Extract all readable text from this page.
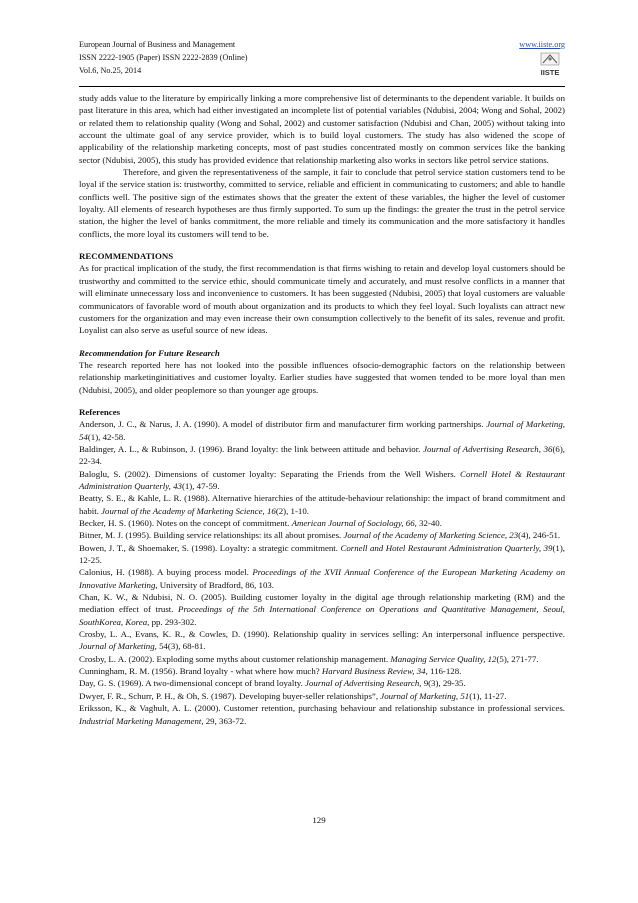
European Journal of Business and Management
ISSN 2222-1905 (Paper) ISSN 2222-2839 (Online)
Vol.6, No.25, 2014
www.iiste.org
IISTE

study adds value to the literature by empirically linking a more comprehensive list of determinants to the dependent variable. It builds on past literature in this area, which had either investigated an incomplete list of potential variables (Ndubisi, 2004; Wong and Sohal, 2002) or related them to relationship quality (Wong and Sohal, 2002) and customer satisfaction (Ndubisi and Chan, 2005) without taking into account the ultimate goal of any service provider, which is to build loyal customers. The study has also widened the scope of applicability of the relationship marketing concepts, most of past studies concentrated mostly on common services like the banking sector (Ndubisi, 2005), this study has provided evidence that relationship marketing also works in sectors like petrol service stations.

Therefore, and given the representativeness of the sample, it fair to conclude that petrol service station customers tend to be loyal if the service station is: trustworthy, committed to service, reliable and efficient in communicating to customers; and able to handle conflicts well. The positive sign of the estimates shows that the greater the extent of these variables, the higher the level of customer loyalty. All elements of research hypotheses are thus firmly supported. To sum up the findings: the greater the trust in the petrol service station, the higher the level of banks commitment, the more reliable and timely its communication and the more satisfactory it handles conflicts, the more loyal its customers will tend to be.

RECOMMENDATIONS

As for practical implication of the study, the first recommendation is that firms wishing to retain and develop loyal customers should be trustworthy and committed to the service ethic, should communicate timely and accurately, and must resolve conflicts in a manner that will eliminate unnecessary loss and inconvenience to customers. It has been suggested (Ndubisi, 2005) that loyal customers are valuable communicators of favorable word of mouth about organization and its products to which they feel loyal. Such loyalists can attract new customers for the organization and may even increase their own consumption collectively to the benefit of its sales, revenue and profit. Loyalist can also serve as useful source of new ideas.

Recommendation for Future Research

The research reported here has not looked into the possible influences ofsocio-demographic factors on the relationship between relationship marketinginitiatives and customer loyalty. Earlier studies have suggested that women tended to be more loyal than men (Ndubisi, 2005), and older peoplemore so than younger age groups.

References

Anderson, J. C., & Narus, J. A. (1990). A model of distributor firm and manufacturer firm working partnerships. Journal of Marketing, 54(1), 42-58.

Baldinger, A. L., & Rubinson, J. (1996). Brand loyalty: the link between attitude and behavior. Journal of Advertising Research, 36(6), 22-34.

Baloglu, S. (2002). Dimensions of customer loyalty: Separating the Friends from the Well Wishers. Cornell Hotel & Restaurant Administration Quarterly, 43(1), 47-59.

Beatty, S. E., & Kahle, L. R. (1988). Alternative hierarchies of the attitude-behaviour relationship: the impact of brand commitment and habit. Journal of the Academy of Marketing Science, 16(2), 1-10.

Becker, H. S. (1960). Notes on the concept of commitment. American Journal of Sociology, 66, 32-40.

Bitner, M. J. (1995). Building service relationships: its all about promises. Journal of the Academy of Marketing Science, 23(4), 246-51.

Bowen, J. T., & Shoemaker, S. (1998). Loyalty: a strategic commitment. Cornell and Hotel Restaurant Administration Quarterly, 39(1), 12-25.

Calonius, H. (1988). A buying process model. Proceedings of the XVII Annual Conference of the European Marketing Academy on Innovative Marketing, University of Bradford, 86, 103.

Chan, K. W., & Ndubisi, N. O. (2005). Building customer loyalty in the digital age through relationship marketing (RM) and the mediation effect of trust. Proceedings of the 5th International Conference on Operations and Quantitative Management, Seoul, SouthKorea, Korea, pp. 293-302.

Crosby, L. A., Evans, K. R., & Cowles, D. (1990). Relationship quality in services selling: An interpersonal influence perspective. Journal of Marketing, 54(3), 68-81.

Crosby, L. A. (2002). Exploding some myths about customer relationship management. Managing Service Quality, 12(5), 271-77.

Cunningham, R. M. (1956). Brand loyalty - what where how much? Harvard Business Review, 34, 116-128.

Day, G. S. (1969). A two-dimensional concept of brand loyalty. Journal of Advertising Research, 9(3), 29-35.

Dwyer, F. R., Schurr, P. H., & Oh, S. (1987). Developing buyer-seller relationships”, Journal of Marketing, 51(1), 11-27.

Eriksson, K., & Vaghult, A. L. (2000). Customer retention, purchasing behaviour and relationship substance in professional services. Industrial Marketing Management, 29, 363-72.

129
